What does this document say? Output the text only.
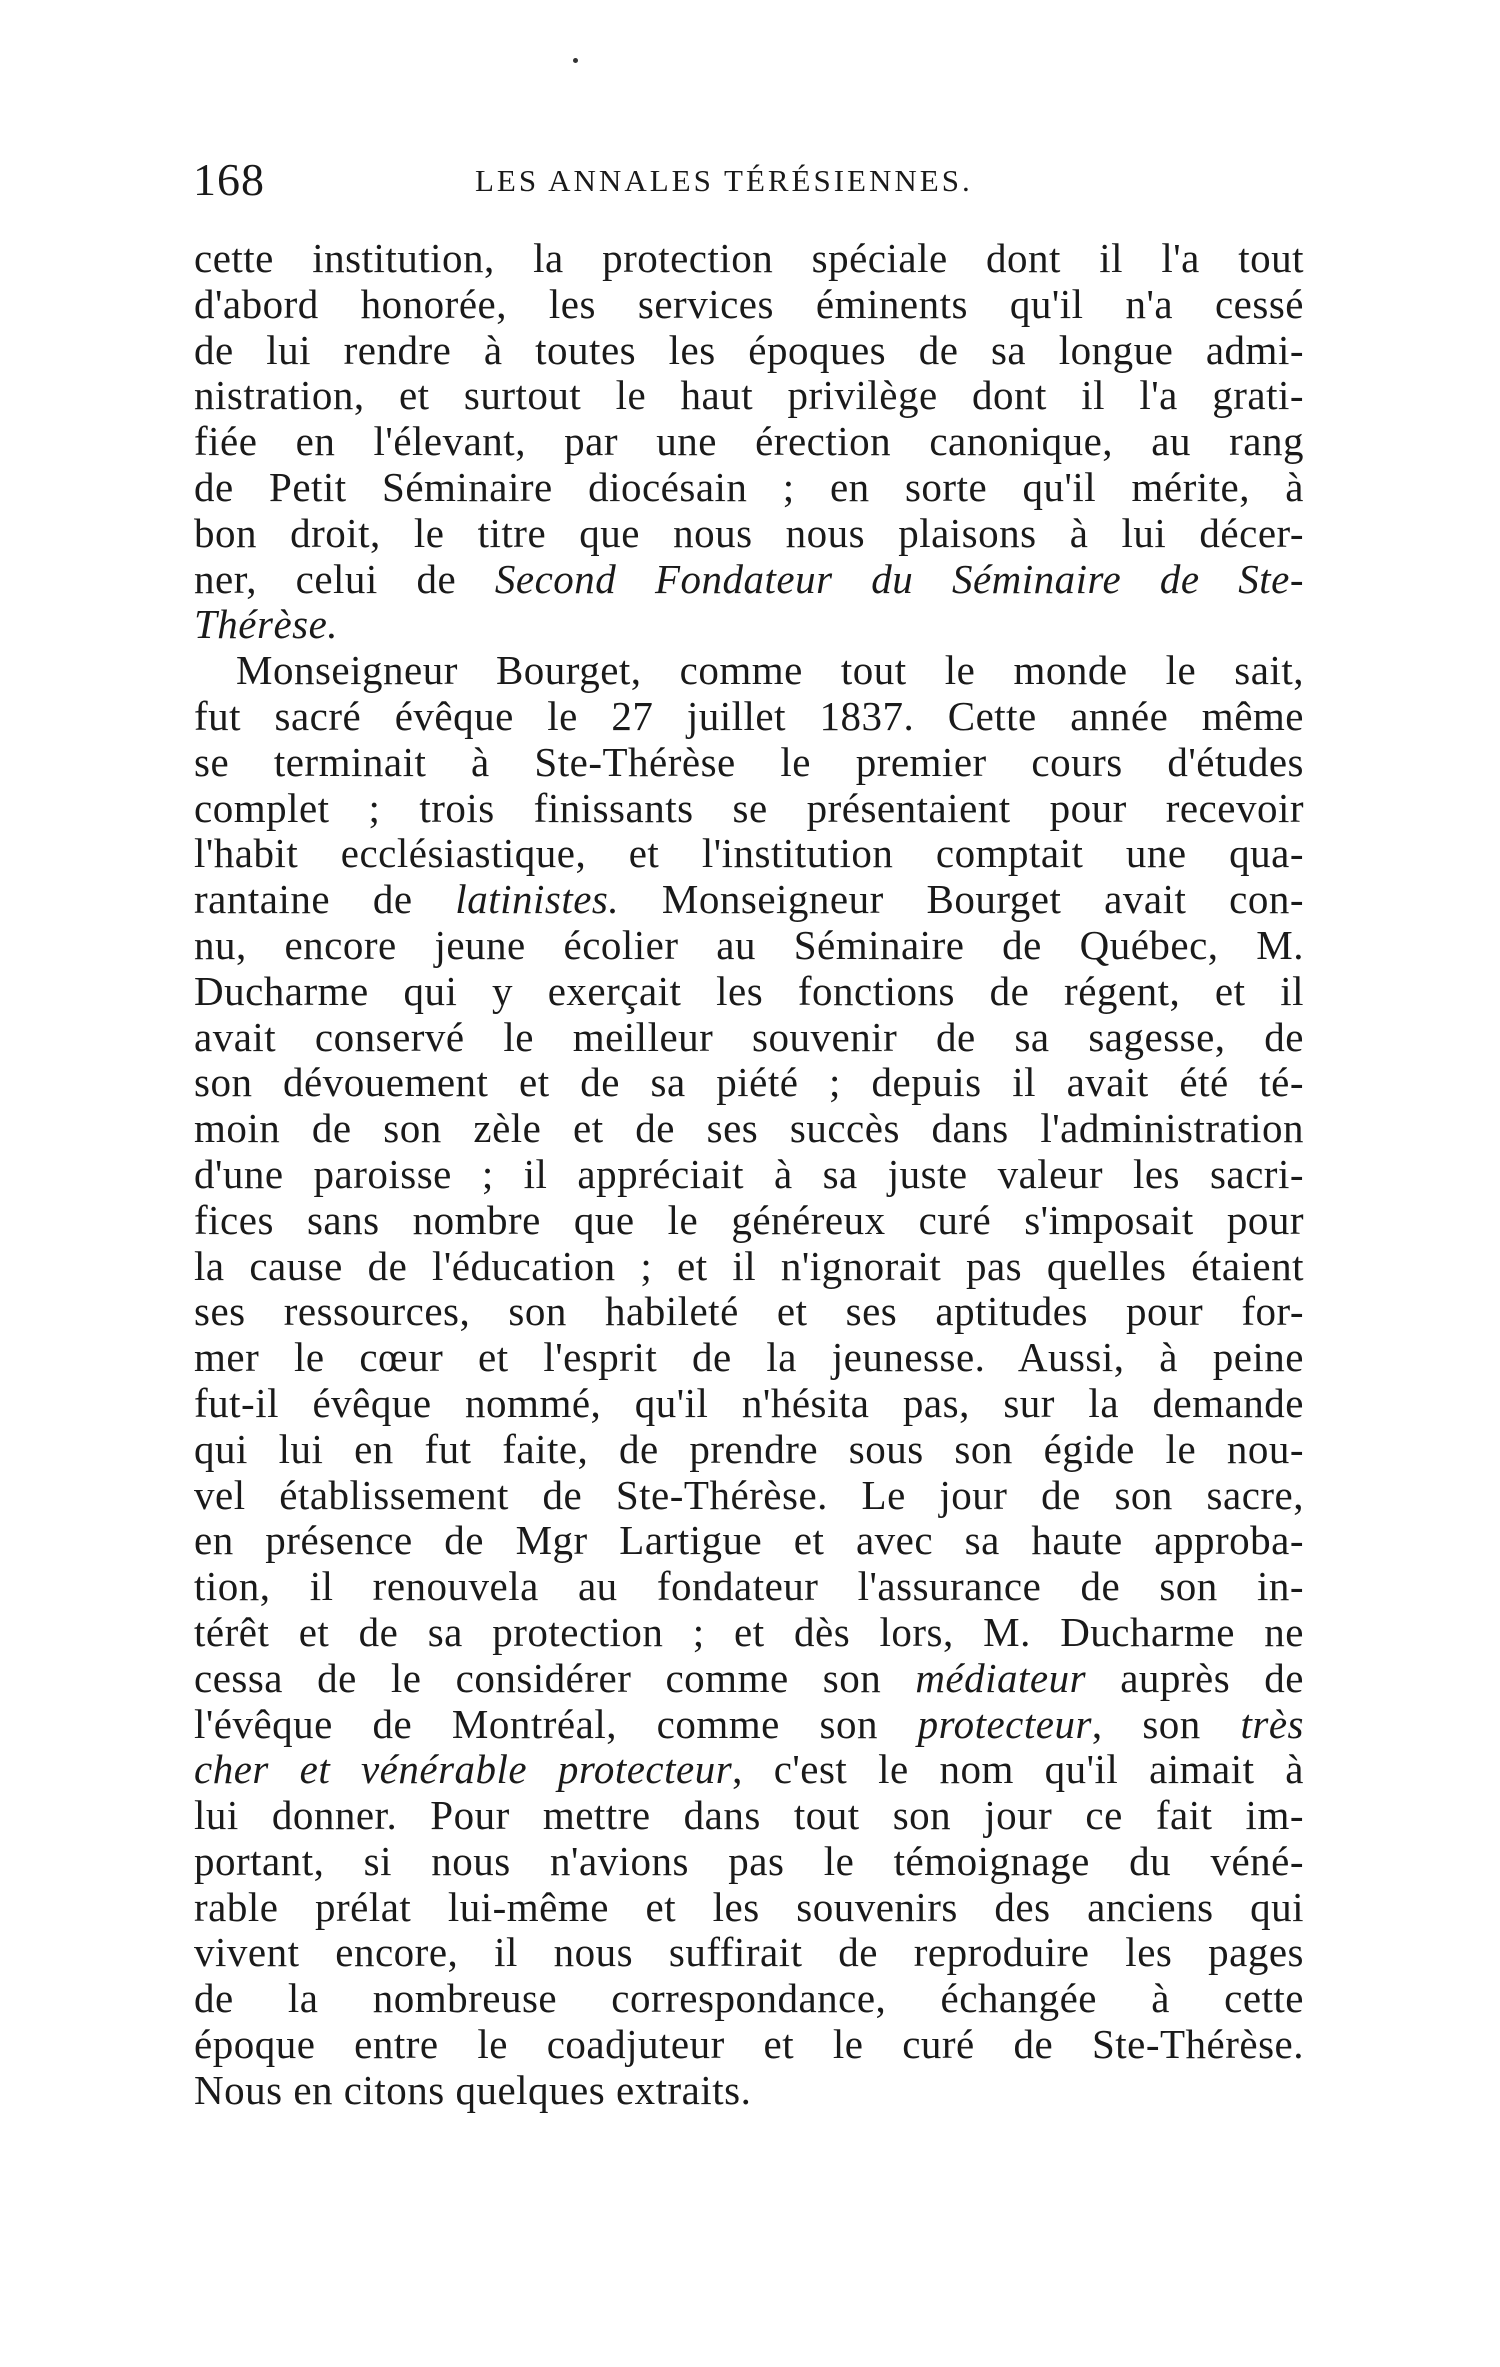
168	LES ANNALES TÉRÉSIENNES.
cette institution, la protection spéciale dont il l'a tout
d'abord honorée, les services éminents qu'il n'a cessé
de lui rendre à toutes les époques de sa longue admi-
nistration, et surtout le haut privilège dont il l'a grati-
fiée en l'élevant, par une érection canonique, au rang
de Petit Séminaire diocésain ; en sorte qu'il mérite, à
bon droit, le titre que nous nous plaisons à lui décer-
ner, celui de Second Fondateur du Séminaire de Ste-
Thérèse.
Monseigneur Bourget, comme tout le monde le sait,
fut sacré évêque le 27 juillet 1837. Cette année même
se terminait à Ste-Thérèse le premier cours d'études
complet ; trois finissants se présentaient pour recevoir
l'habit ecclésiastique, et l'institution comptait une qua-
rantaine de latinistes. Monseigneur Bourget avait con-
nu, encore jeune écolier au Séminaire de Québec, M.
Ducharme qui y exerçait les fonctions de régent, et il
avait conservé le meilleur souvenir de sa sagesse, de
son dévouement et de sa piété ; depuis il avait été té-
moin de son zèle et de ses succès dans l'administration
d'une paroisse ; il appréciait à sa juste valeur les sacri-
fices sans nombre que le généreux curé s'imposait pour
la cause de l'éducation ; et il n'ignorait pas quelles étaient
ses ressources, son habileté et ses aptitudes pour for-
mer le cœur et l'esprit de la jeunesse. Aussi, à peine
fut-il évêque nommé, qu'il n'hésita pas, sur la demande
qui lui en fut faite, de prendre sous son égide le nou-
vel établissement de Ste-Thérèse. Le jour de son sacre,
en présence de Mgr Lartigue et avec sa haute approba-
tion, il renouvela au fondateur l'assurance de son in-
térêt et de sa protection ; et dès lors, M. Ducharme ne
cessa de le considérer comme son médiateur auprès de
l'évêque de Montréal, comme son protecteur, son très
cher et vénérable protecteur, c'est le nom qu'il aimait à
lui donner. Pour mettre dans tout son jour ce fait im-
portant, si nous n'avions pas le témoignage du véné-
rable prélat lui-même et les souvenirs des anciens qui
vivent encore, il nous suffirait de reproduire les pages
de la nombreuse correspondance, échangée à cette
époque entre le coadjuteur et le curé de Ste-Thérèse.
Nous en citons quelques extraits.
